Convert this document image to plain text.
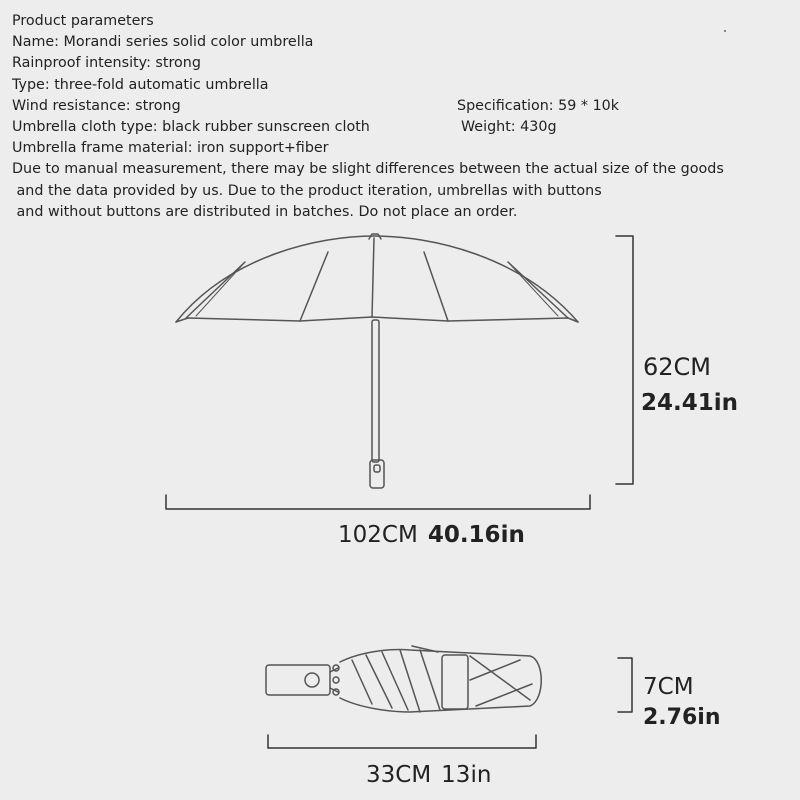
Product parameters
Name: Morandi series solid color umbrella
Rainproof intensity: strong
Type: three-fold automatic umbrella
Wind resistance: strong
Umbrella cloth type: black rubber sunscreen cloth
Umbrella frame material: iron support+fiber
Due to manual measurement, there may be slight differences between the actual size of the goods
and the data provided by us. Due to the product iteration, umbrellas with buttons
and without buttons are distributed in batches. Do not place an order.
Specification: 59 * 10k
Weight: 430g
62CM
24.41in
102CM 40.16in
7CM
2.76in
33CM 13in
